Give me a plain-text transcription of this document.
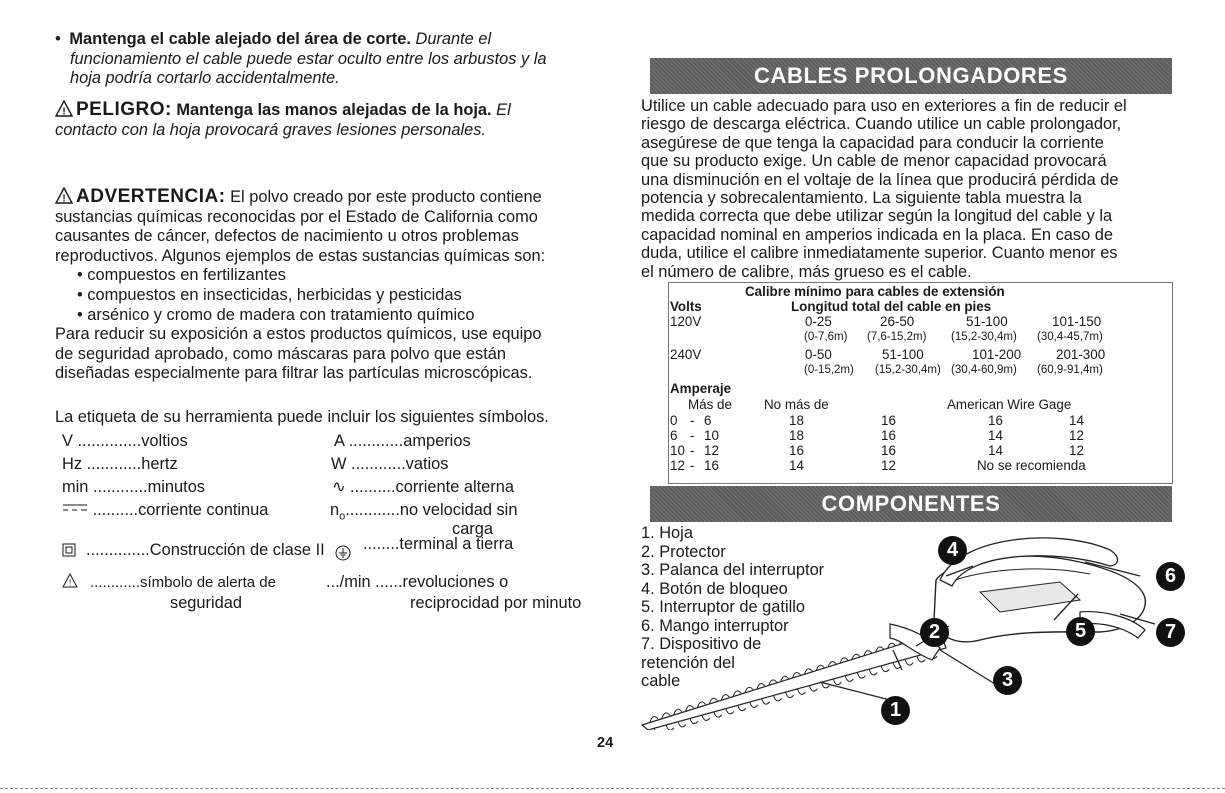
• Mantenga el cable alejado del área de corte. Durante el
funcionamiento el cable puede estar oculto entre los arbustos y la
hoja podría cortarlo accidentalmente.
! PELIGRO: Mantenga las manos alejadas de la hoja. El
contacto con la hoja provocará graves lesiones personales.
! ADVERTENCIA: El polvo creado por este producto contiene
sustancias químicas reconocidas por el Estado de California como
causantes de cáncer, defectos de nacimiento u otros problemas
reproductivos. Algunos ejemplos de estas sustancias químicas son:
• compuestos en fertilizantes
• compuestos en insecticidas, herbicidas y pesticidas
• arsénico y cromo de madera con tratamiento químico
Para reducir su exposición a estos productos químicos, use equipo
de seguridad aprobado, como máscaras para polvo que están
diseñadas especialmente para filtrar las partículas microscópicas.
La etiqueta de su herramienta puede incluir los siguientes símbolos.
V ..............voltios	A ............amperios
Hz ............hertz	W ............vatios
min ............minutos	∿ ..........corriente alterna
..........corriente continua	$n_o............no$ velocidad sin
carga
..............Construcción de clase II	........terminal a tierra
! ............símbolo de alerta de
seguridad
.../min ......revoluciones o
reciprocidad por minuto
CABLES PROLONGADORES
Utilice un cable adecuado para uso en exteriores a fin de reducir el
riesgo de descarga eléctrica. Cuando utilice un cable prolongador,
asegúrese de que tenga la capacidad para conducir la corriente
que su producto exige. Un cable de menor capacidad provocará
una disminución en el voltaje de la línea que producirá pérdida de
potencia y sobrecalentamiento. La siguiente tabla muestra la
medida correcta que debe utilizar según la longitud del cable y la
capacidad nominal en amperios indicada en la placa. En caso de
duda, utilice el calibre inmediatamente superior. Cuanto menor es
el número de calibre, más grueso es el cable.
Calibre mínimo para cables de extensión
Volts	Longitud total del cable en pies
120V	0-25	26-50	51-100	101-150
(0-7,6m) (7,6-15,2m) (15,2-30,4m) (30,4-45,7m)
240V	0-50	51-100	101-200	201-300
(0-15,2m) (15,2-30,4m) (30,4-60,9m) (60,9-91,4m)
Amperaje
Más de No más de	American Wire Gage
0 - 6	18	16	16	14
6 - 10	18	16	14	12
10 - 12	16	16	14	12
12 - 16	14	12	No se recomienda
COMPONENTES
1. Hoja
2. Protector
3. Palanca del interruptor
4. Botón de bloqueo
5. Interruptor de gatillo
6. Mango interruptor
7. Dispositivo de
retención del
cable
1
2
3
4
5
6
7
24
